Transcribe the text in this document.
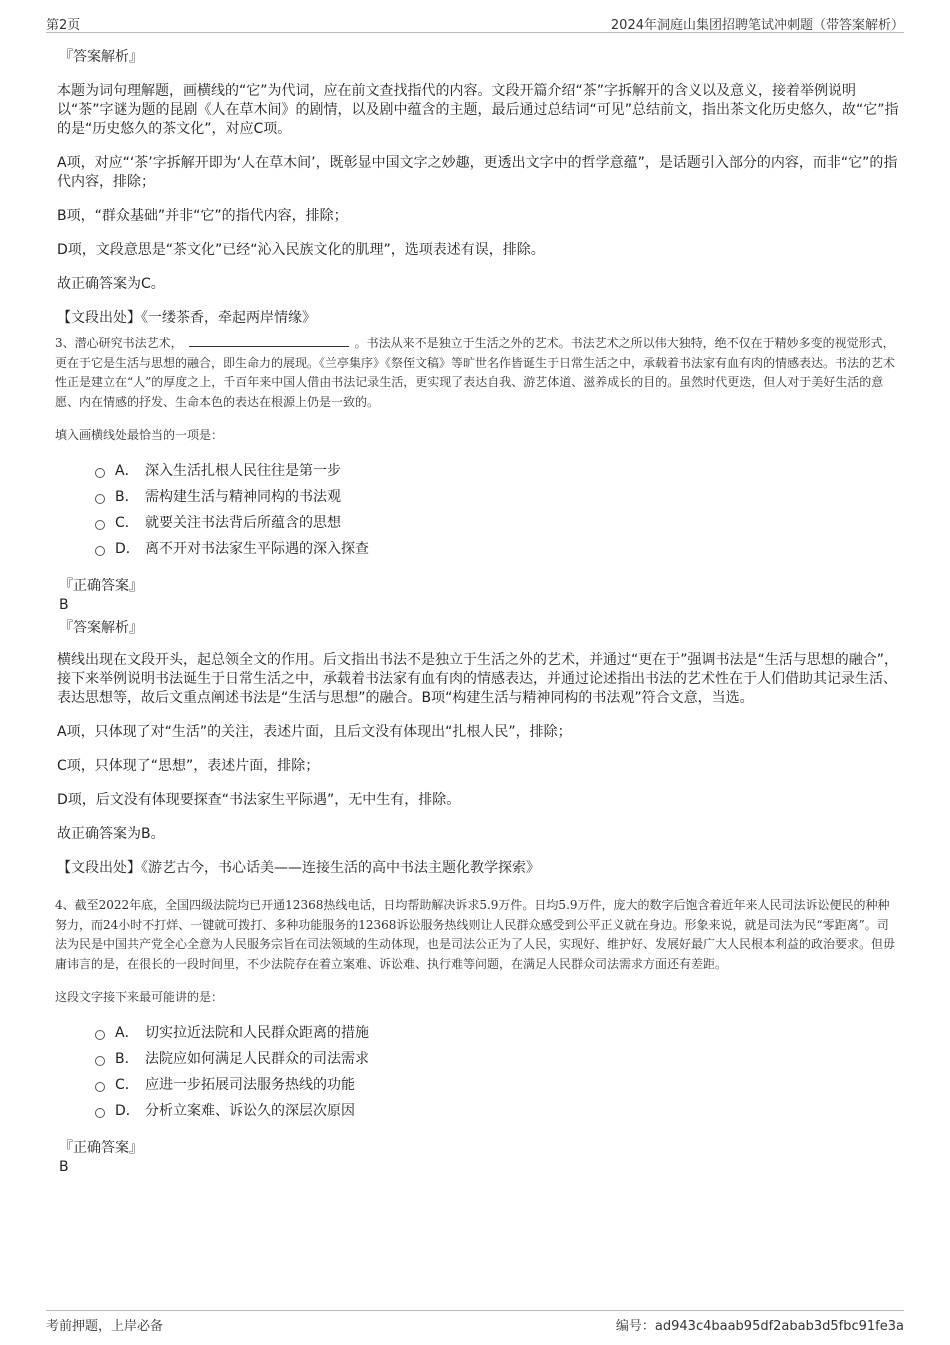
第2页	2024年洞庭山集团招聘笔试冲刺题（带答案解析）
『答案解析』

本题为词句理解题，画横线的“它”为代词，应在前文查找指代的内容。文段开篇介绍“茶”字拆解开的含义以及意义，接着举例说明以“茶”字谜为题的昆剧《人在草木间》的剧情，以及剧中蕴含的主题，最后通过总结词“可见”总结前文，指出茶文化历史悠久，故“它”指的是“历史悠久的茶文化”，对应C项。

A项，对应“‘茶’字拆解开即为‘人在草木间’，既彰显中国文字之妙趣，更透出文字中的哲学意蕴”，是话题引入部分的内容，而非“它”的指代内容，排除；

B项，“群众基础”并非“它”的指代内容，排除；

D项，文段意思是“茶文化”已经“沁入民族文化的肌理”，选项表述有误，排除。

故正确答案为C。

【文段出处】《一缕茶香，牵起两岸情缘》

3、潜心研究书法艺术，	。书法从来不是独立于生活之外的艺术。书法艺术之所以伟大独特，绝不仅在于精妙多变的视觉形式，更在于它是生活与思想的融合，即生命力的展现。《兰亭集序》《祭侄文稿》等旷世名作皆诞生于日常生活之中，承载着书法家有血有肉的情感表达。书法的艺术性正是建立在“人”的厚度之上，千百年来中国人借由书法记录生活，更实现了表达自我、游艺体道、滋养成长的目的。虽然时代更迭，但人对于美好生活的意愿、内在情感的抒发、生命本色的表达在根源上仍是一致的。
填入画横线处最恰当的一项是：
A． 深入生活扎根人民往往是第一步
B． 需构建生活与精神同构的书法观
C． 就要关注书法背后所蕴含的思想
D． 离不开对书法家生平际遇的深入探查
『正确答案』
B
『答案解析』

横线出现在文段开头，起总领全文的作用。后文指出书法不是独立于生活之外的艺术，并通过“更在于”强调书法是“生活与思想的融合”，接下来举例说明书法诞生于日常生活之中，承载着书法家有血有肉的情感表达，并通过论述指出书法的艺术性在于人们借助其记录生活、表达思想等，故后文重点阐述书法是“生活与思想”的融合。B项“构建生活与精神同构的书法观”符合文意，当选。

A项，只体现了对“生活”的关注，表述片面，且后文没有体现出“扎根人民”，排除；

C项，只体现了“思想”，表述片面，排除；

D项，后文没有体现要探查“书法家生平际遇”，无中生有，排除。

故正确答案为B。

【文段出处】《游艺古今，书心话美——连接生活的高中书法主题化教学探索》

4、截至2022年底，全国四级法院均已开通12368热线电话，日均帮助解决诉求5.9万件。日均5.9万件，庞大的数字后饱含着近年来人民司法诉讼便民的种种努力，而24小时不打烊、一键就可拨打、多种功能服务的12368诉讼服务热线则让人民群众感受到公平正义就在身边。形象来说，就是司法为民“零距离”。司法为民是中国共产党全心全意为人民服务宗旨在司法领域的生动体现，也是司法公正为了人民，实现好、维护好、发展好最广大人民根本利益的政治要求。但毋庸讳言的是，在很长的一段时间里，不少法院存在着立案难、诉讼难、执行难等问题，在满足人民群众司法需求方面还有差距。
这段文字接下来最可能讲的是：
A． 切实拉近法院和人民群众距离的措施
B． 法院应如何满足人民群众的司法需求
C． 应进一步拓展司法服务热线的功能
D． 分析立案难、诉讼久的深层次原因
『正确答案』
B
考前押题，上岸必备	编号：ad943c4baab95df2abab3d5fbc91fe3a
